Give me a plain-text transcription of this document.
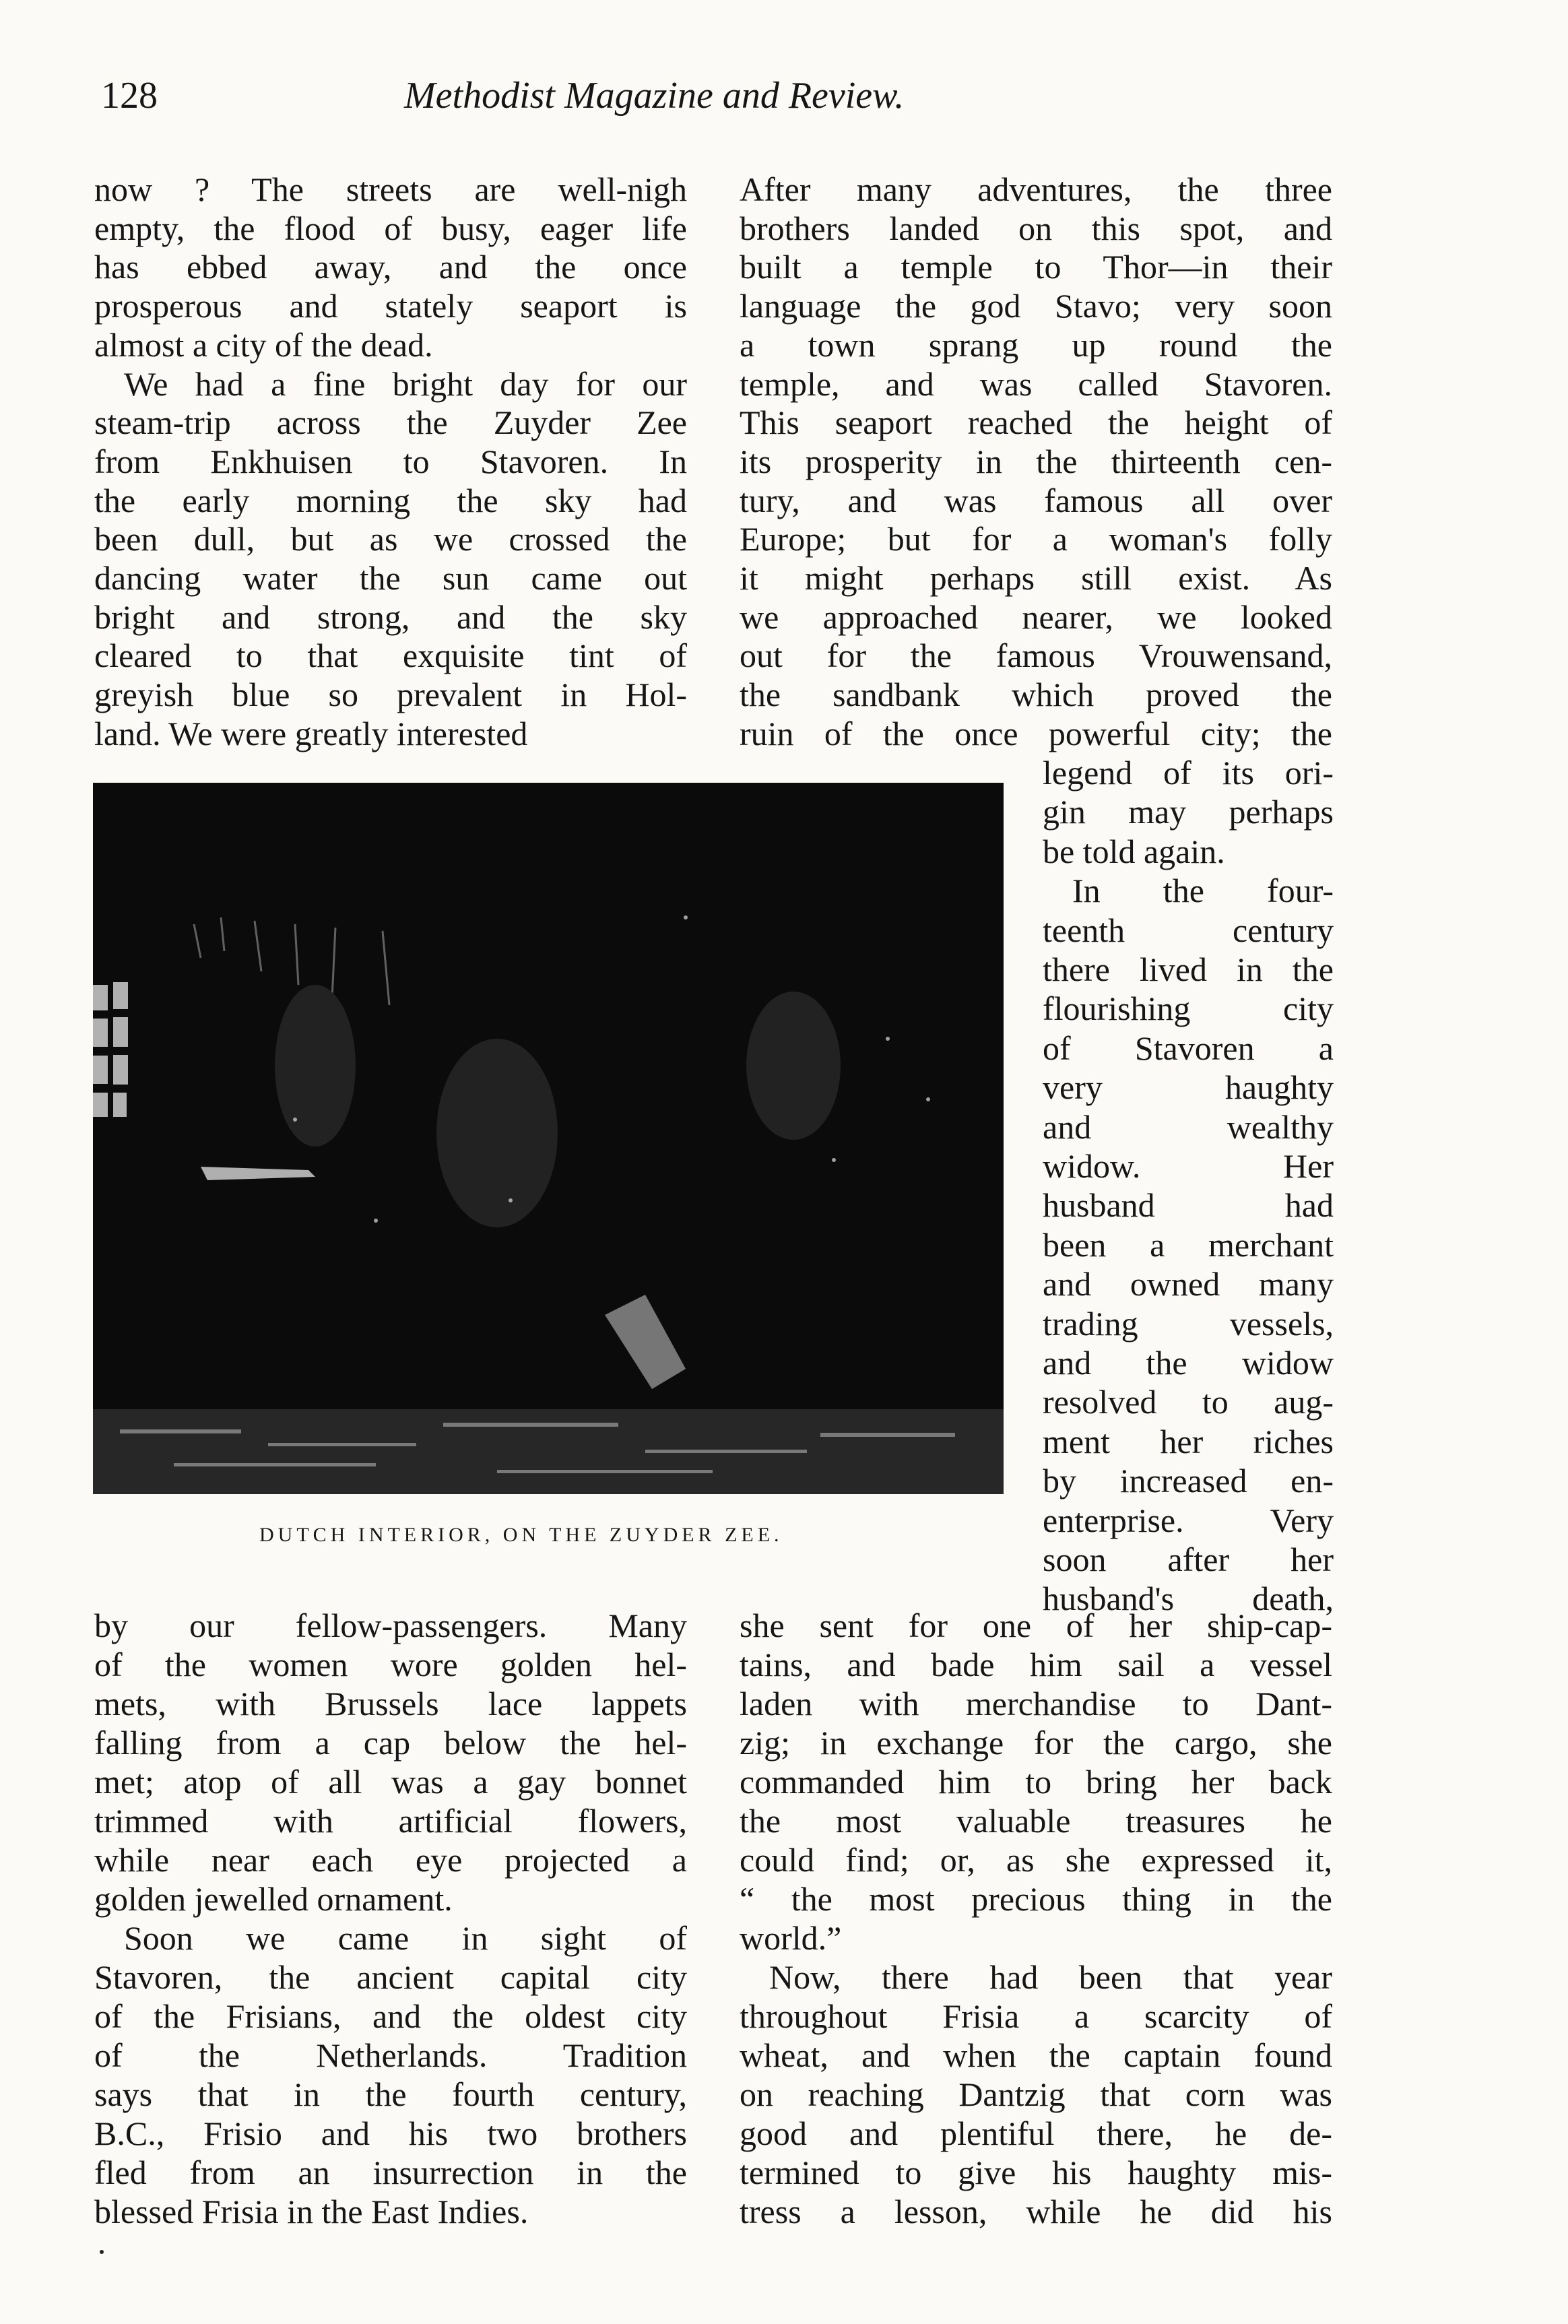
128	Methodist Magazine and Review.
now ? The streets are well-nigh
empty, the flood of busy, eager life
has ebbed away, and the once
prosperous and stately seaport is
almost a city of the dead.
We had a fine bright day for our
steam-trip across the Zuyder Zee
from Enkhuisen to Stavoren. In
the early morning the sky had
been dull, but as we crossed the
dancing water the sun came out
bright and strong, and the sky
cleared to that exquisite tint of
greyish blue so prevalent in Hol-
land. We were greatly interested
After many adventures, the three
brothers landed on this spot, and
built a temple to Thor—in their
language the god Stavo; very soon
a town sprang up round the
temple, and was called Stavoren.
This seaport reached the height of
its prosperity in the thirteenth cen-
tury, and was famous all over
Europe; but for a woman's folly
it might perhaps still exist. As
we approached nearer, we looked
out for the famous Vrouwensand,
the sandbank which proved the
ruin of the once powerful city; the
legend of its ori-
gin may perhaps
be told again.
In the four-
teenth century
there lived in the
flourishing city
of Stavoren a
very haughty
and wealthy
widow. Her
husband had
been a merchant
and owned many
trading vessels,
and the widow
resolved to aug-
ment her riches
by increased en-
enterprise. Very
soon after her
husband's death,
DUTCH INTERIOR, ON THE ZUYDER ZEE.
by our fellow-passengers. Many
of the women wore golden hel-
mets, with Brussels lace lappets
falling from a cap below the hel-
met; atop of all was a gay bonnet
trimmed with artificial flowers,
while near each eye projected a
golden jewelled ornament.
Soon we came in sight of
Stavoren, the ancient capital city
of the Frisians, and the oldest city
of the Netherlands. Tradition
says that in the fourth century,
B.C., Frisio and his two brothers
fled from an insurrection in the
blessed Frisia in the East Indies.
she sent for one of her ship-cap-
tains, and bade him sail a vessel
laden with merchandise to Dant-
zig; in exchange for the cargo, she
commanded him to bring her back
the most valuable treasures he
could find; or, as she expressed it,
“ the most precious thing in the
world.”
Now, there had been that year
throughout Frisia a scarcity of
wheat, and when the captain found
on reaching Dantzig that corn was
good and plentiful there, he de-
termined to give his haughty mis-
tress a lesson, while he did his
